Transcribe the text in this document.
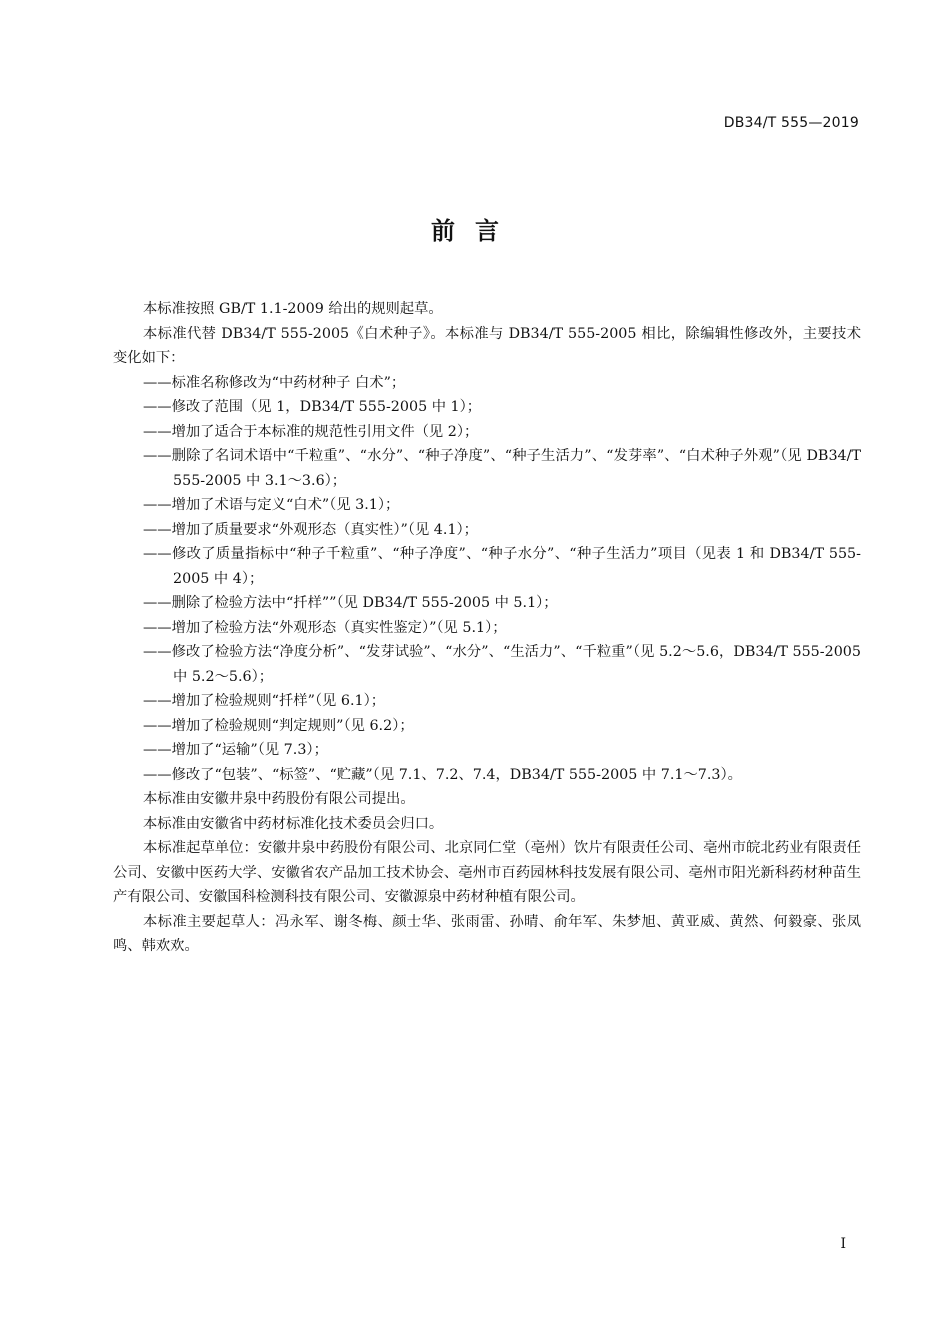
DB34/T 555—2019
前言

本标准按照 GB/T 1.1-2009 给出的规则起草。

本标准代替 DB34/T 555-2005《白术种子》。本标准与 DB34/T 555-2005 相比，除编辑性修改外，主要技术变化如下：

——标准名称修改为“中药材种子 白术”；

——修改了范围（见 1，DB34/T 555-2005 中 1）；

——增加了适合于本标准的规范性引用文件（见 2）；

——删除了名词术语中“千粒重”、“水分”、“种子净度”、“种子生活力”、“发芽率”、“白术种子外观”（见 DB34/T 555-2005 中 3.1～3.6）；

——增加了术语与定义“白术”（见 3.1）；

——增加了质量要求“外观形态（真实性）”（见 4.1）；

——修改了质量指标中“种子千粒重”、“种子净度”、“种子水分”、“种子生活力”项目（见表 1 和 DB34/T 555-2005 中 4）；

——删除了检验方法中“扦样””（见 DB34/T 555-2005 中 5.1）；

——增加了检验方法“外观形态（真实性鉴定）”（见 5.1）；

——修改了检验方法“净度分析”、“发芽试验”、“水分”、“生活力”、“千粒重”（见 5.2～5.6，DB34/T 555-2005 中 5.2～5.6）；

——增加了检验规则“扦样”（见 6.1）；

——增加了检验规则“判定规则”（见 6.2）；

——增加了“运输”（见 7.3）；

——修改了“包装”、“标签”、“贮藏”（见 7.1、7.2、7.4，DB34/T 555-2005 中 7.1～7.3）。

本标准由安徽井泉中药股份有限公司提出。

本标准由安徽省中药材标准化技术委员会归口。

本标准起草单位：安徽井泉中药股份有限公司、北京同仁堂（亳州）饮片有限责任公司、亳州市皖北药业有限责任公司、安徽中医药大学、安徽省农产品加工技术协会、亳州市百药园林科技发展有限公司、亳州市阳光新科药材种苗生产有限公司、安徽国科检测科技有限公司、安徽源泉中药材种植有限公司。

本标准主要起草人：冯永军、谢冬梅、颜士华、张雨雷、孙晴、俞年军、朱梦旭、黄亚威、黄然、何毅豪、张凤鸣、韩欢欢。

I
